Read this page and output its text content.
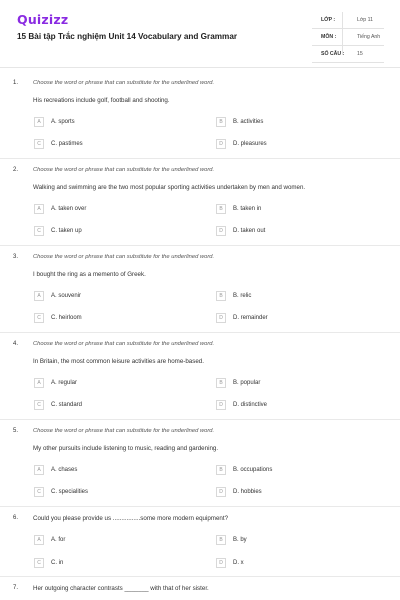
Quizizz
15 Bài tập Trắc nghiệm Unit 14 Vocabulary and Grammar
LỚP :	Lớp 11
MÔN :	Tiếng Anh
SỐ CÂU : 15
1.	Choose the word or phrase that can substitute for the underlined word.
His recreations include golf, football and shooting.
A	A. sports	B	B. activities
C	C. pastimes	D	D. pleasures
2.	Choose the word or phrase that can substitute for the underlined word.
Walking and swimming are the two most popular sporting activities undertaken by men and women.
A	A. taken over	B	B. taken in
C	C. taken up	D	D. taken out
3.	Choose the word or phrase that can substitute for the underlined word.
I bought the ring as a memento of Greek.
A	A. souvenir	B	B. relic
C	C. heirloom	D	D. remainder
4.	Choose the word or phrase that can substitute for the underlined word.
In Britain, the most common leisure activities are home-based.
A	A. regular	B	B. popular
C	C. standard	D	D. distinctive
5.	Choose the word or phrase that can substitute for the underlined word.
My other pursuits include listening to music, reading and gardening.
A	A. chases	B	B. occupations
C	C. specialities	D	D. hobbies
6. Could you please provide us ................some more modern equipment?
A	A. for	B	B. by
C	C. in	D	D. x
7. Her outgoing character contrasts _______ with that of her sister.
